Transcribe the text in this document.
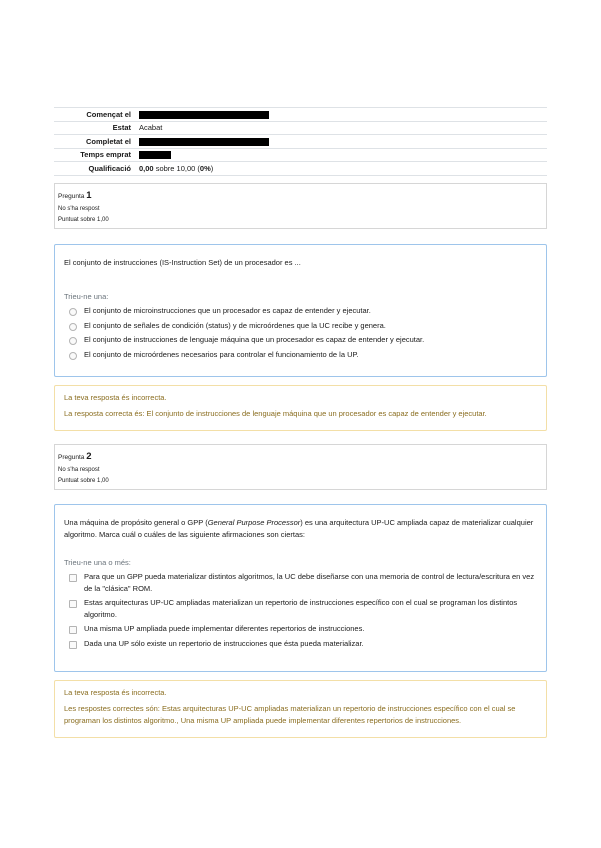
Començat el	
Estat	Acabat
Completat el	
Temps emprat	
Qualificació	0,00 sobre 10,00 (0%)
Pregunta 1
No s'ha respost
Puntuat sobre 1,00
El conjunto de instrucciones (IS-Instruction Set) de un procesador es ...
Trieu-ne una:
El conjunto de microinstrucciones que un procesador es capaz de entender y ejecutar.
El conjunto de señales de condición (status) y de microórdenes que la UC recibe y genera.
El conjunto de instrucciones de lenguaje máquina que un procesador es capaz de entender y ejecutar.
El conjunto de microórdenes necesarios para controlar el funcionamiento de la UP.
La teva resposta és incorrecta.
La resposta correcta és: El conjunto de instrucciones de lenguaje máquina que un procesador es capaz de entender y ejecutar.
Pregunta 2
No s'ha respost
Puntuat sobre 1,00
Una máquina de propósito general o GPP (General Purpose Processor) es una arquitectura UP-UC ampliada capaz de materializar cualquier algoritmo. Marca cuál o cuáles de las siguiente afirmaciones son ciertas:
Trieu-ne una o més:
Para que un GPP pueda materializar distintos algoritmos, la UC debe diseñarse con una memoria de control de lectura/escritura en vez de la "clásica" ROM.
Estas arquitecturas UP-UC ampliadas materializan un repertorio de instrucciones específico con el cual se programan los distintos algoritmo.
Una misma UP ampliada puede implementar diferentes repertorios de instrucciones.
Dada una UP sólo existe un repertorio de instrucciones que ésta pueda materializar.
La teva resposta és incorrecta.
Les respostes correctes són: Estas arquitecturas UP-UC ampliadas materializan un repertorio de instrucciones específico con el cual se programan los distintos algoritmo., Una misma UP ampliada puede implementar diferentes repertorios de instrucciones.
